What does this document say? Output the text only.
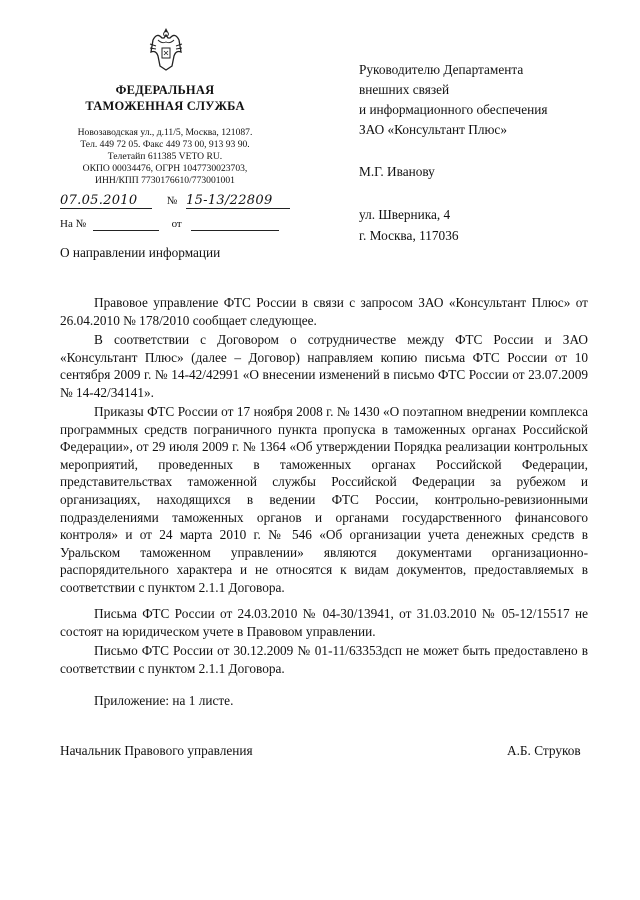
ФЕДЕРАЛЬНАЯ
ТАМОЖЕННАЯ СЛУЖБА
Новозаводская ул., д.11/5, Москва, 121087.
Тел. 449 72 05. Факс 449 73 00, 913 93 90.
Телетайп 611385 VETO RU.
ОКПО 00034476, ОГРН 1047730023703,
ИНН/КПП 7730176610/773001001
07.05.2010	№ 15-13/22809
На №	от
Руководителю Департамента
внешних связей
и информационного обеспечения
ЗАО «Консультант Плюс»
М.Г. Иванову
ул. Шверника, 4
г. Москва, 117036
О направлении информации

Правовое управление ФТС России в связи с запросом ЗАО «Консультант Плюс» от 26.04.2010 № 178/2010 сообщает следующее.

В соответствии с Договором о сотрудничестве между ФТС России и ЗАО «Консультант Плюс» (далее – Договор) направляем копию письма ФТС России от 10 сентября 2009 г. № 14-42/42991 «О внесении изменений в письмо ФТС России от 23.07.2009 № 14-42/34141».

Приказы ФТС России от 17 ноября 2008 г. № 1430 «О поэтапном внедрении комплекса программных средств пограничного пункта пропуска в таможенных органах Российской Федерации», от 29 июля 2009 г. № 1364 «Об утверждении Порядка реализации контрольных мероприятий, проведенных в таможенных органах Российской Федерации, представительствах таможенной службы Российской Федерации за рубежом и организациях, находящихся в ведении ФТС России, контрольно-ревизионными подразделениями таможенных органов и органами государственного финансового контроля» и от 24 марта 2010 г. № 546 «Об организации учета денежных средств в Уральском таможенном управлении» являются документами организационно-распорядительного характера и не относятся к видам документов, предоставляемых в соответствии с пунктом 2.1.1 Договора.

Письма ФТС России от 24.03.2010 № 04-30/13941, от 31.03.2010 № 05-12/15517 не состоят на юридическом учете в Правовом управлении.

Письмо ФТС России от 30.12.2009 № 01-11/63353дсп не может быть предоставлено в соответствии с пунктом 2.1.1 Договора.

Приложение: на 1 листе.
Начальник Правового управления	А.Б. Струков
